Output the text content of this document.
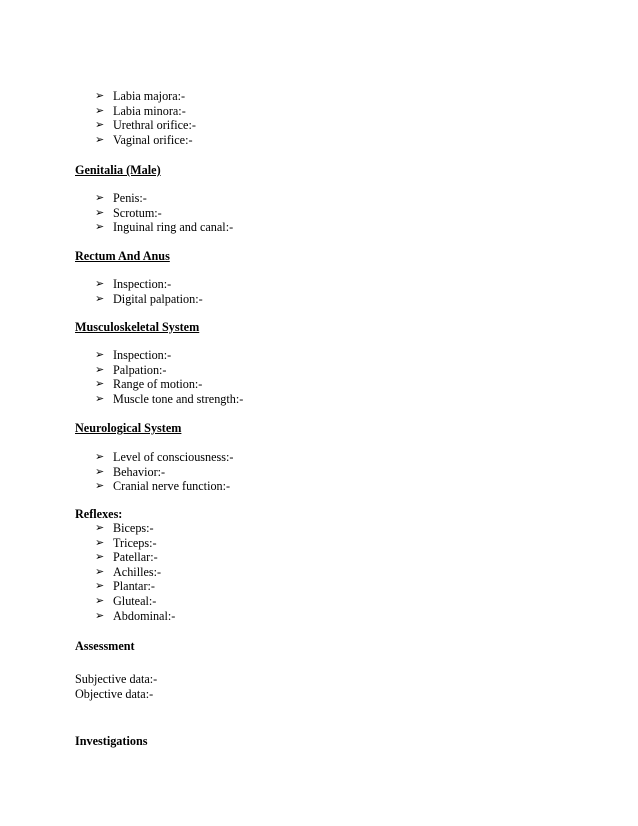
➢ Labia majora:-
➢ Labia minora:-
➢ Urethral orifice:-
➢ Vaginal orifice:-
Genitalia (Male)
➢ Penis:-
➢ Scrotum:-
➢ Inguinal ring and canal:-
Rectum And Anus
➢ Inspection:-
➢ Digital palpation:-
Musculoskeletal System
➢ Inspection:-
➢ Palpation:-
➢ Range of motion:-
➢ Muscle tone and strength:-
Neurological System
➢ Level of consciousness:-
➢ Behavior:-
➢ Cranial nerve function:-
Reflexes:
➢ Biceps:-
➢ Triceps:-
➢ Patellar:-
➢ Achilles:-
➢ Plantar:-
➢ Gluteal:-
➢ Abdominal:-
Assessment
Subjective data:-
Objective data:-
Investigations
